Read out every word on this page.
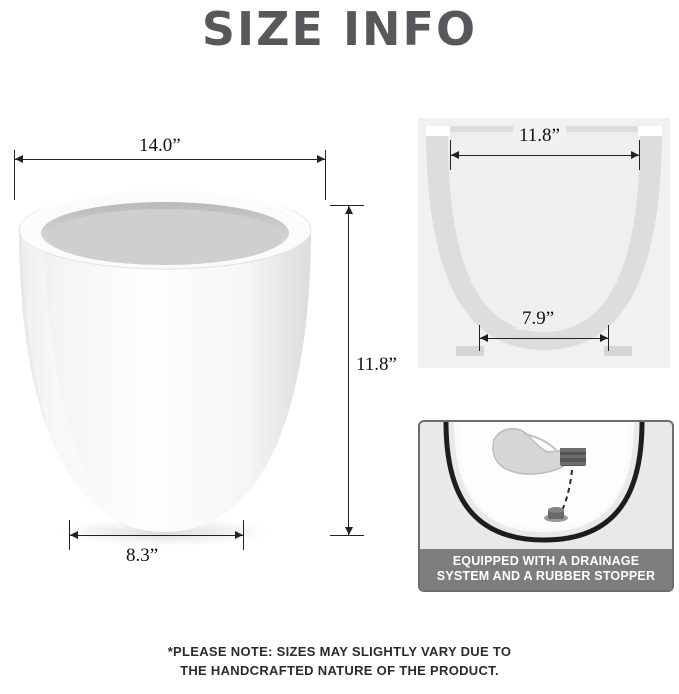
SIZE INFO
14.0”
11.8”
8.3”
11.8”
7.9”
EQUIPPED WITH A DRAINAGE
SYSTEM AND A RUBBER STOPPER
*PLEASE NOTE: SIZES MAY SLIGHTLY VARY DUE TO
THE HANDCRAFTED NATURE OF THE PRODUCT.
